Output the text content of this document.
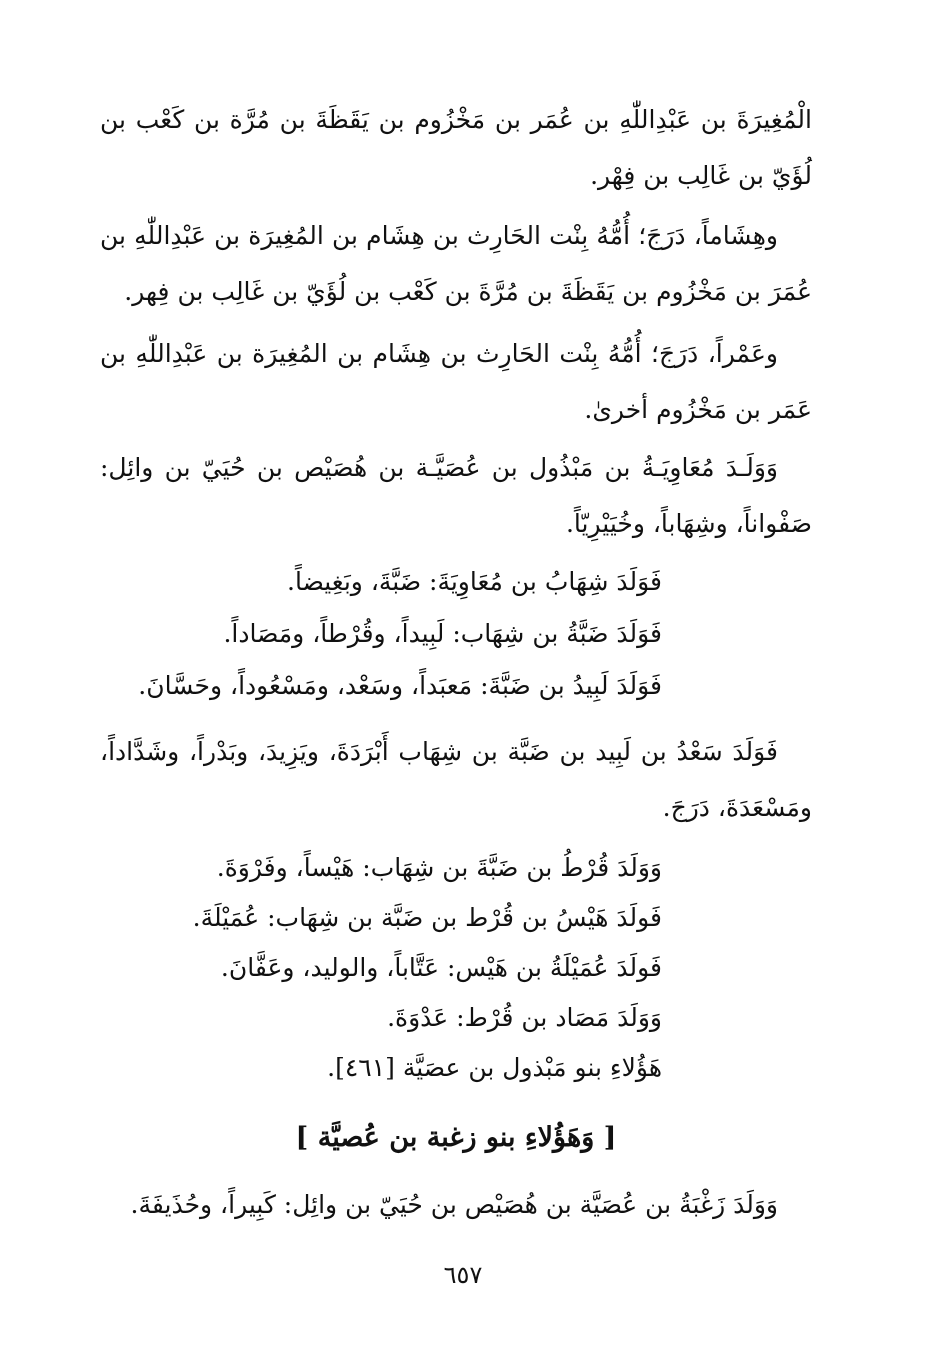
الْمُغِيرَةَ بن عَبْدِاللّٰهِ بن عُمَر بن مَخْزُوم بن يَقَظَةَ بن مُرَّة بن كَعْب بن لُؤَيّ بن غَالِب بن فِهْر.

وهِشَاماً، دَرَجَ؛ أُمُّهُ بِنْت الحَارِث بن هِشَام بن المُغِيرَة بن عَبْدِاللّٰهِ بن عُمَرَ بن مَخْزُوم بن يَقَظَةَ بن مُرَّةَ بن كَعْب بن لُؤَيّ بن غَالِب بن فِهر.

وعَمْراً، دَرَجَ؛ أُمُّهُ بِنْت الحَارِث بن هِشَام بن المُغِيرَة بن عَبْدِاللّٰهِ بن عَمَر بن مَخْزُوم أخرىٰ.

وَوَلَـدَ مُعَاوِيَـةُ بن مَبْذُول بن عُصَيَّـة بن هُصَيْص بن حُيَيّ بن وائِل: صَفْواناً، وشِهَاباً، وخُيَيْرِيّاً.

فَوَلَدَ شِهَابُ بن مُعَاوِيَةَ: ضَبَّةَ، وبَغِيضاً.

فَوَلَدَ ضَبَّةُ بن شِهَاب: لَبِيداً، وقُرْطاً، ومَصَاداً.

فَوَلَدَ لَبِيدُ بن ضَبَّةَ: مَعبَداً، وسَعْد، ومَسْعُوداً، وحَسَّانَ.

فَوَلَدَ سَعْدُ بن لَبِيد بن ضَبَّة بن شِهَاب أَبْرَدَةَ، ويَزِيدَ، وبَدْراً، وشَدَّاداً، ومَسْعَدَةَ، دَرَجَ.

وَوَلَدَ قُرْطُ بن ضَبَّةَ بن شِهَاب: هَيْساً، وفَرْوَةَ.

فَولَدَ هَيْسُ بن قُرْط بن ضَبَّة بن شِهَاب: عُمَيْلَةَ.

فَولَدَ عُمَيْلَةُ بن هَيْس: عَتَّاباً، والوليد، وعَفَّانَ.

وَوَلَدَ مَصَاد بن قُرْط: عَدْوَةَ.

هَؤُلاءِ بنو مَبْذول بن عصَيَّة [٤٦١].

[ وَهَؤُلاءِ بنو زغبة بن عُصيَّة ]

وَوَلَدَ زَغْبَةُ بن عُصَيَّة بن هُصَيْص بن حُيَيّ بن وائِل: كَبِيراً، وحُذَيفَةَ.

٦٥٧
